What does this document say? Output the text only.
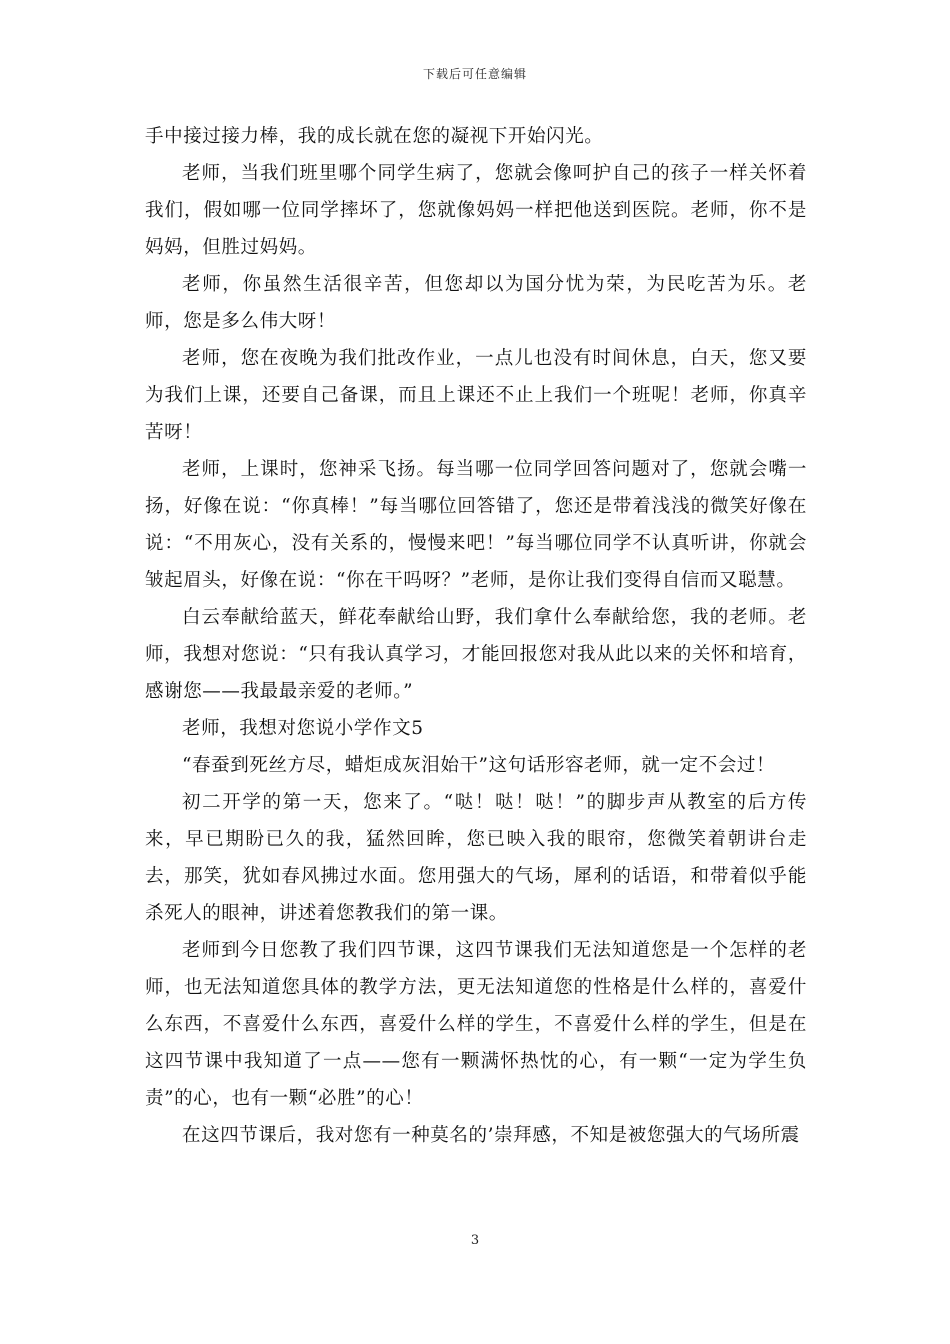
下载后可任意编辑

手中接过接力棒，我的成长就在您的凝视下开始闪光。

老师，当我们班里哪个同学生病了，您就会像呵护自己的孩子一样关怀着我们，假如哪一位同学摔坏了，您就像妈妈一样把他送到医院。老师，你不是妈妈，但胜过妈妈。

老师，你虽然生活很辛苦，但您却以为国分忧为荣，为民吃苦为乐。老师，您是多么伟大呀！

老师，您在夜晚为我们批改作业，一点儿也没有时间休息，白天，您又要为我们上课，还要自己备课，而且上课还不止上我们一个班呢！老师，你真辛苦呀！

老师，上课时，您神采飞扬。每当哪一位同学回答问题对了，您就会嘴一扬，好像在说：“你真棒！”每当哪位回答错了，您还是带着浅浅的微笑好像在说：“不用灰心，没有关系的，慢慢来吧！”每当哪位同学不认真听讲，你就会皱起眉头，好像在说：“你在干吗呀？”老师，是你让我们变得自信而又聪慧。

白云奉献给蓝天，鲜花奉献给山野，我们拿什么奉献给您，我的老师。老师，我想对您说：“只有我认真学习，才能回报您对我从此以来的关怀和培育，感谢您——我最最亲爱的老师。”

老师，我想对您说小学作文5

“春蚕到死丝方尽，蜡炬成灰泪始干”这句话形容老师，就一定不会过！

初二开学的第一天，您来了。“哒！哒！哒！”的脚步声从教室的后方传来，早已期盼已久的我，猛然回眸，您已映入我的眼帘，您微笑着朝讲台走去，那笑，犹如春风拂过水面。您用强大的气场，犀利的话语，和带着似乎能杀死人的眼神，讲述着您教我们的第一课。

老师到今日您教了我们四节课，这四节课我们无法知道您是一个怎样的老师，也无法知道您具体的教学方法，更无法知道您的性格是什么样的，喜爱什么东西，不喜爱什么东西，喜爱什么样的学生，不喜爱什么样的学生，但是在这四节课中我知道了一点——您有一颗满怀热忱的心，有一颗“一定为学生负责”的心，也有一颗“必胜”的心！

在这四节课后，我对您有一种莫名的’崇拜感，不知是被您强大的气场所震

3
